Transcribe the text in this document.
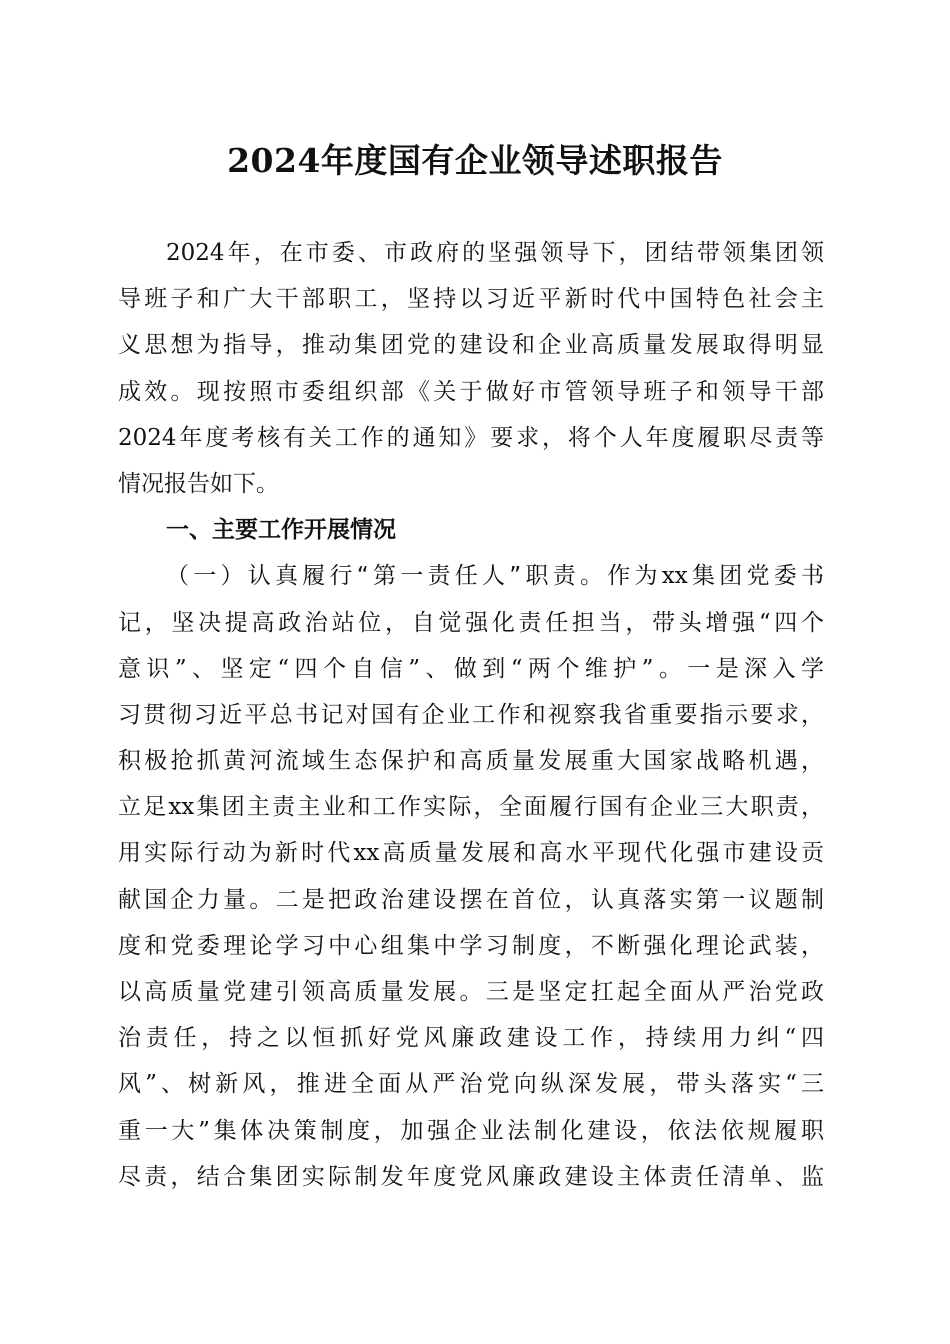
2024年度国有企业领导述职报告
2024年，在市委、市政府的坚强领导下，团结带领集团领
导班子和广大干部职工，坚持以习近平新时代中国特色社会主
义思想为指导，推动集团党的建设和企业高质量发展取得明显
成效。现按照市委组织部《关于做好市管领导班子和领导干部
2024年度考核有关工作的通知》要求，将个人年度履职尽责等
情况报告如下。
一、主要工作开展情况
（一）认真履行“第一责任人”职责。作为xx集团党委书
记，坚决提高政治站位，自觉强化责任担当，带头增强“四个
意识”、坚定“四个自信”、做到“两个维护”。一是深入学
习贯彻习近平总书记对国有企业工作和视察我省重要指示要求，
积极抢抓黄河流域生态保护和高质量发展重大国家战略机遇，
立足xx集团主责主业和工作实际，全面履行国有企业三大职责，
用实际行动为新时代xx高质量发展和高水平现代化强市建设贡
献国企力量。二是把政治建设摆在首位，认真落实第一议题制
度和党委理论学习中心组集中学习制度，不断强化理论武装，
以高质量党建引领高质量发展。三是坚定扛起全面从严治党政
治责任，持之以恒抓好党风廉政建设工作，持续用力纠“四
风”、树新风，推进全面从严治党向纵深发展，带头落实“三
重一大”集体决策制度，加强企业法制化建设，依法依规履职
尽责，结合集团实际制发年度党风廉政建设主体责任清单、监
